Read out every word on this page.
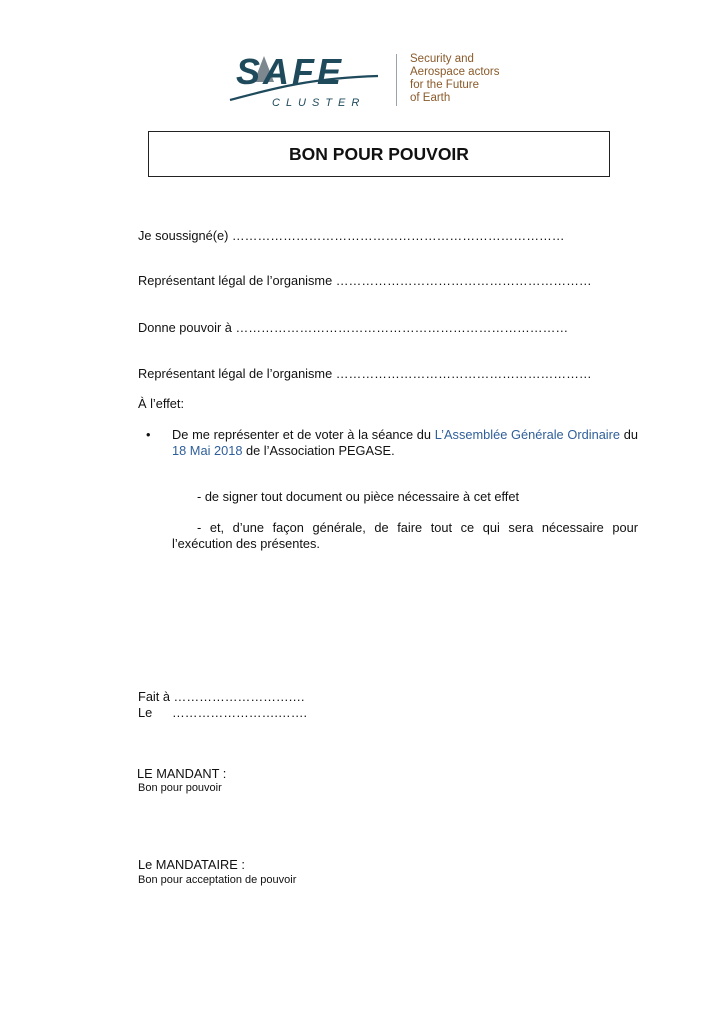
SAFE
CLUSTER
Security and
Aerospace actors
for the Future
of Earth
BON POUR POUVOIR
Je soussigné(e) ……………………………………………………………………
Représentant légal de l’organisme ……………………………………………………
Donne pouvoir à ……………………………………………………………………
Représentant légal de l’organisme ……………………………………………………
À l’effet:
• De me représenter et de voter à la séance du L’Assemblée Générale Ordinaire du 18 Mai 2018 de l’Association PEGASE.
- de signer tout document ou pièce nécessaire à cet effet
- et, d’une façon générale, de faire tout ce qui sera nécessaire pour l’exécution des présentes.
Fait à ……………………….…
Le …………………….…….
LE MANDANT :
Bon pour pouvoir
Le MANDATAIRE :
Bon pour acceptation de pouvoir
